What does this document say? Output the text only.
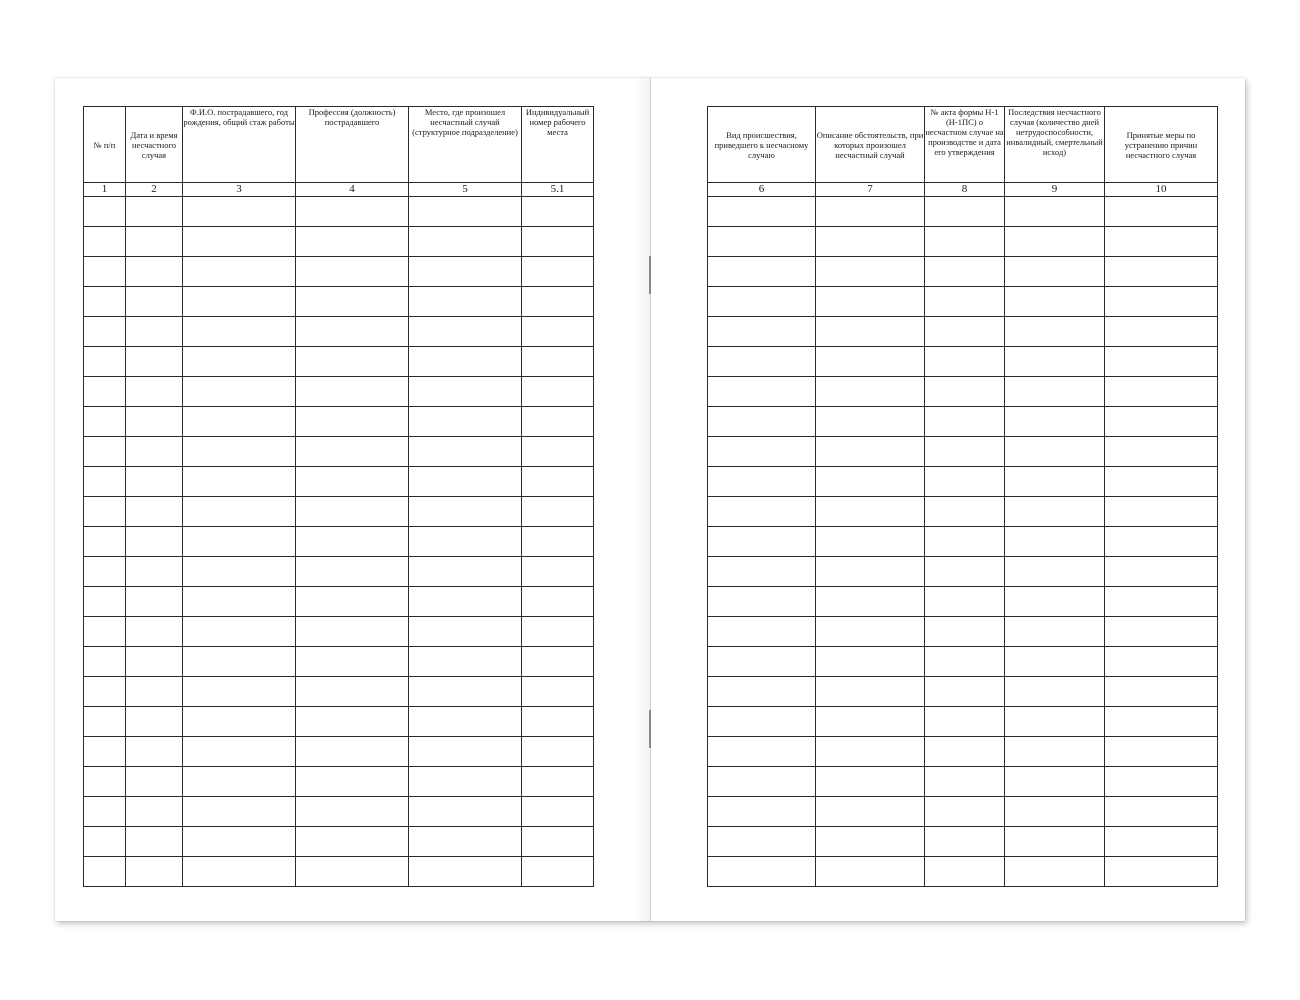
№ п/п	Дата и время несчастного случая	Ф.И.О. пострадавшего, год рождения, общий стаж работы	Профессия (должность) пострадавшего	Место, где произошел несчастный случай (структурное подразделение)	Индивидуальный номер рабочего места
1	2	3	4	5	5.1

Вид происшествия, приведшего к несчасному случаю	Описание обстоятельств, при которых произошел несчастный случай	№ акта формы Н-1 (Н-1ПС) о несчастном случае на производстве и дата его утверждения	Последствия несчастного случая (количество дней нетрудоспособности, инвалидный, смертельный исход)	Принятые меры по устранению причин несчастного случая
6	7	8	9	10
